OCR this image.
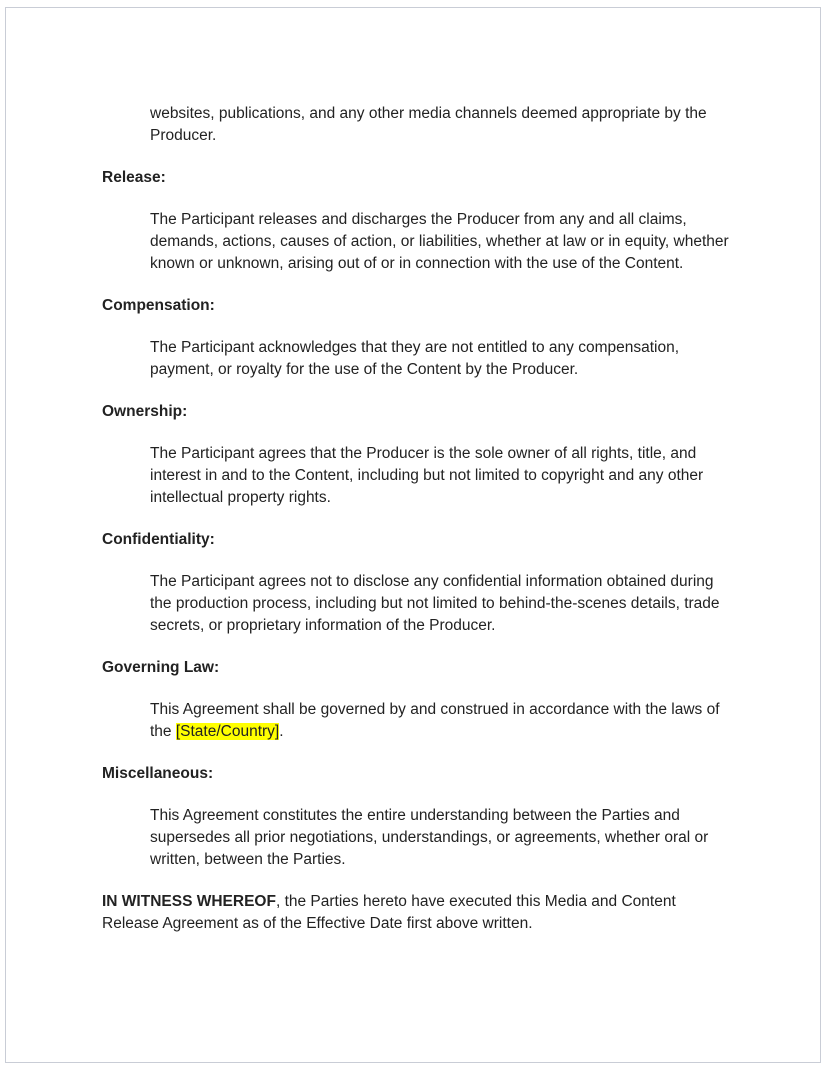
websites, publications, and any other media channels deemed appropriate by the Producer.

Release:

The Participant releases and discharges the Producer from any and all claims, demands, actions, causes of action, or liabilities, whether at law or in equity, whether known or unknown, arising out of or in connection with the use of the Content.

Compensation:

The Participant acknowledges that they are not entitled to any compensation, payment, or royalty for the use of the Content by the Producer.

Ownership:

The Participant agrees that the Producer is the sole owner of all rights, title, and interest in and to the Content, including but not limited to copyright and any other intellectual property rights.

Confidentiality:

The Participant agrees not to disclose any confidential information obtained during the production process, including but not limited to behind-the-scenes details, trade secrets, or proprietary information of the Producer.

Governing Law:

This Agreement shall be governed by and construed in accordance with the laws of the [State/Country].

Miscellaneous:

This Agreement constitutes the entire understanding between the Parties and supersedes all prior negotiations, understandings, or agreements, whether oral or written, between the Parties.

IN WITNESS WHEREOF, the Parties hereto have executed this Media and Content Release Agreement as of the Effective Date first above written.
